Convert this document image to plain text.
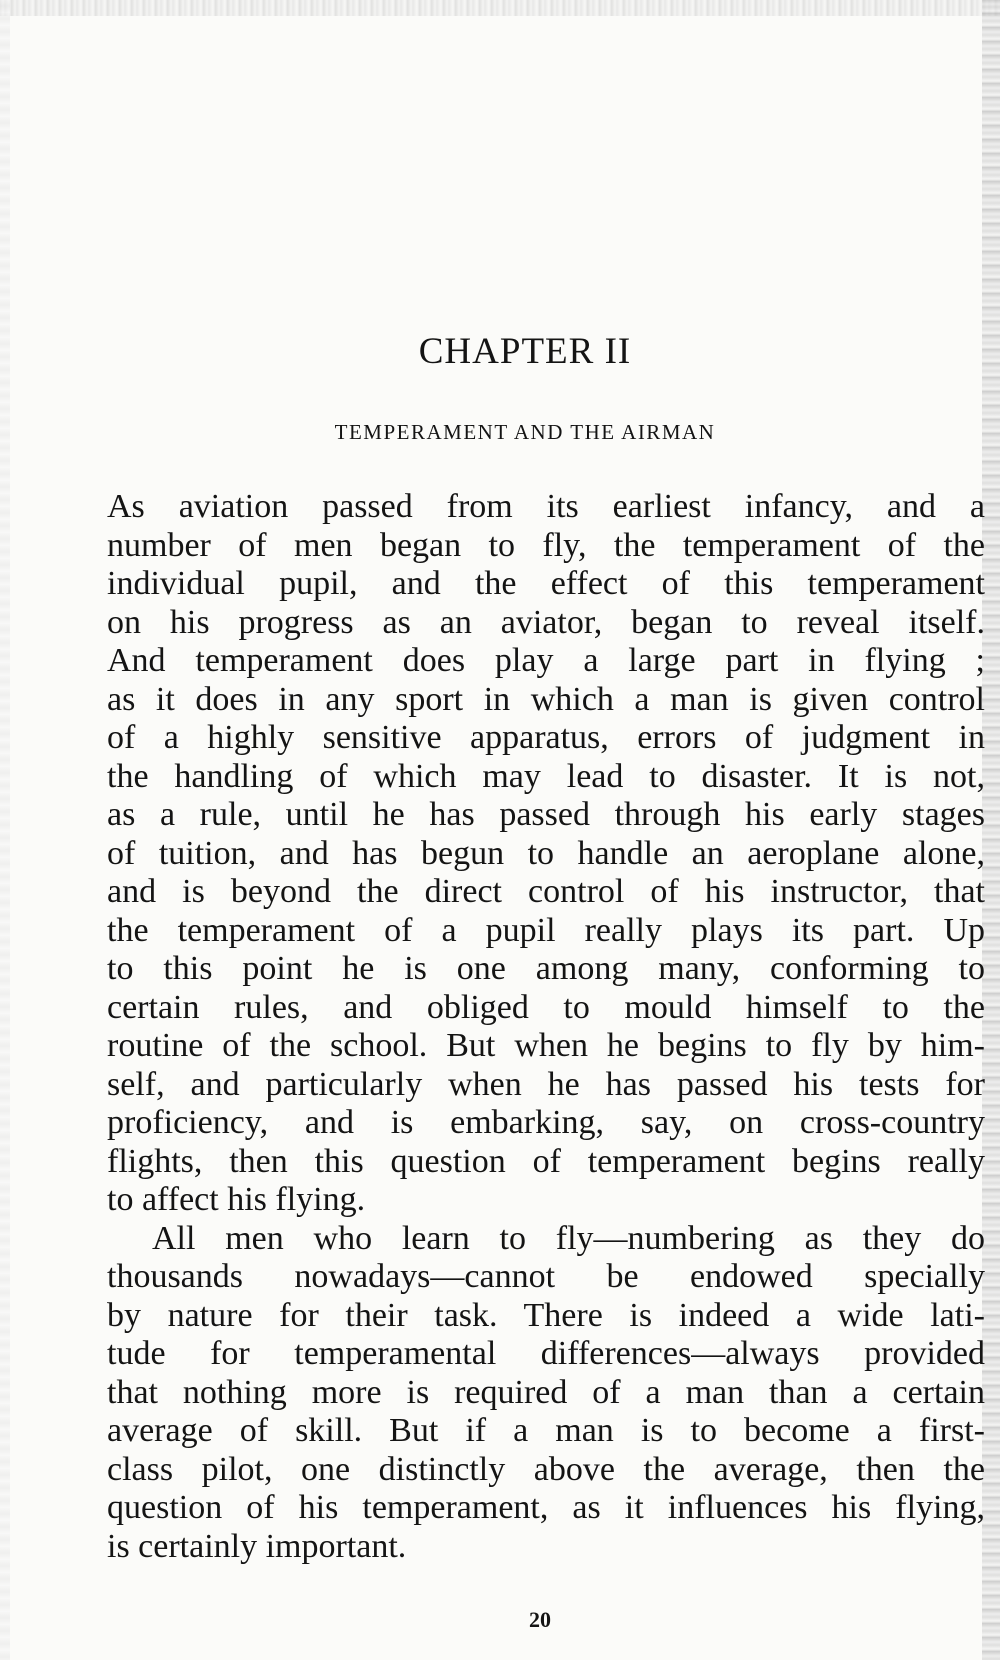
CHAPTER II
TEMPERAMENT AND THE AIRMAN
As aviation passed from its earliest infancy, and a
number of men began to fly, the temperament of the
individual pupil, and the effect of this temperament
on his progress as an aviator, began to reveal itself.
And temperament does play a large part in flying ;
as it does in any sport in which a man is given control
of a highly sensitive apparatus, errors of judgment in
the handling of which may lead to disaster. It is not,
as a rule, until he has passed through his early stages
of tuition, and has begun to handle an aeroplane alone,
and is beyond the direct control of his instructor, that
the temperament of a pupil really plays its part. Up
to this point he is one among many, conforming to
certain rules, and obliged to mould himself to the
routine of the school. But when he begins to fly by him-
self, and particularly when he has passed his tests for
proficiency, and is embarking, say, on cross-country
flights, then this question of temperament begins really
to affect his flying.
All men who learn to fly—numbering as they do
thousands nowadays—cannot be endowed specially
by nature for their task. There is indeed a wide lati-
tude for temperamental differences—always provided
that nothing more is required of a man than a certain
average of skill. But if a man is to become a first-
class pilot, one distinctly above the average, then the
question of his temperament, as it influences his flying,
is certainly important.
20
